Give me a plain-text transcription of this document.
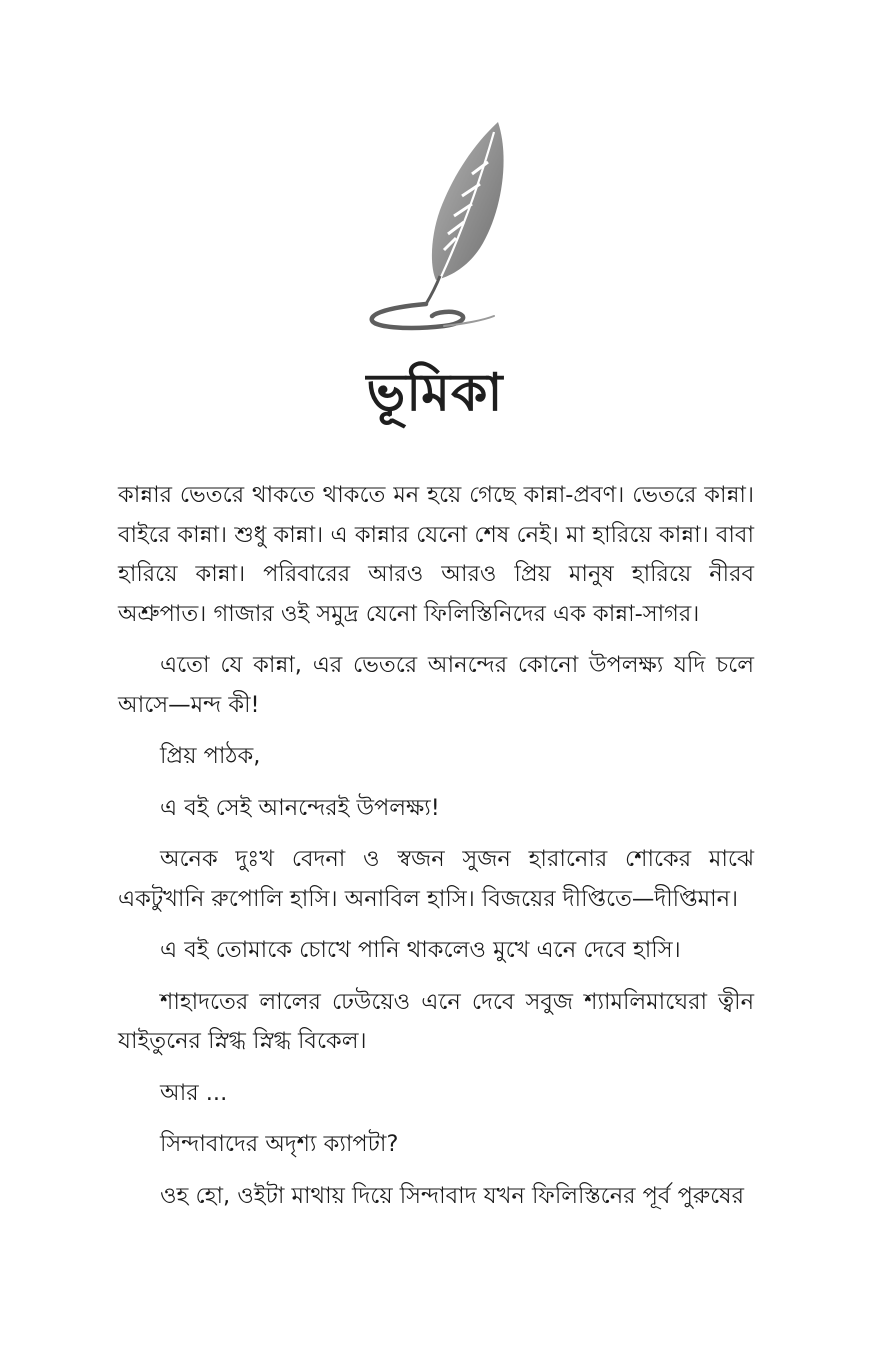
ভূমিকা

কান্নার ভেতরে থাকতে থাকতে মন হয়ে গেছে কান্না-প্রবণ। ভেতরে কান্না। বাইরে কান্না। শুধু কান্না। এ কান্নার যেনো শেষ নেই। মা হারিয়ে কান্না। বাবা হারিয়ে কান্না। পরিবারের আরও আরও প্রিয় মানুষ হারিয়ে নীরব অশ্রুপাত। গাজার ওই সমুদ্র যেনো ফিলিস্তিনিদের এক কান্না-সাগর।

এতো যে কান্না, এর ভেতরে আনন্দের কোনো উপলক্ষ্য যদি চলে আসে—মন্দ কী!

প্রিয় পাঠক,

এ বই সেই আনন্দেরই উপলক্ষ্য!

অনেক দুঃখ বেদনা ও স্বজন সুজন হারানোর শোকের মাঝে একটুখানি রুপোলি হাসি। অনাবিল হাসি। বিজয়ের দীপ্তিতে—দীপ্তিমান।

এ বই তোমাকে চোখে পানি থাকলেও মুখে এনে দেবে হাসি।

শাহাদতের লালের ঢেউয়েও এনে দেবে সবুজ শ্যামলিমাঘেরা ত্বীন যাইতুনের স্নিগ্ধ স্নিগ্ধ বিকেল।

আর ...

সিন্দাবাদের অদৃশ্য ক্যাপটা?

ওহ হো, ওইটা মাথায় দিয়ে সিন্দাবাদ যখন ফিলিস্তিনের পূর্ব পুরুষের
